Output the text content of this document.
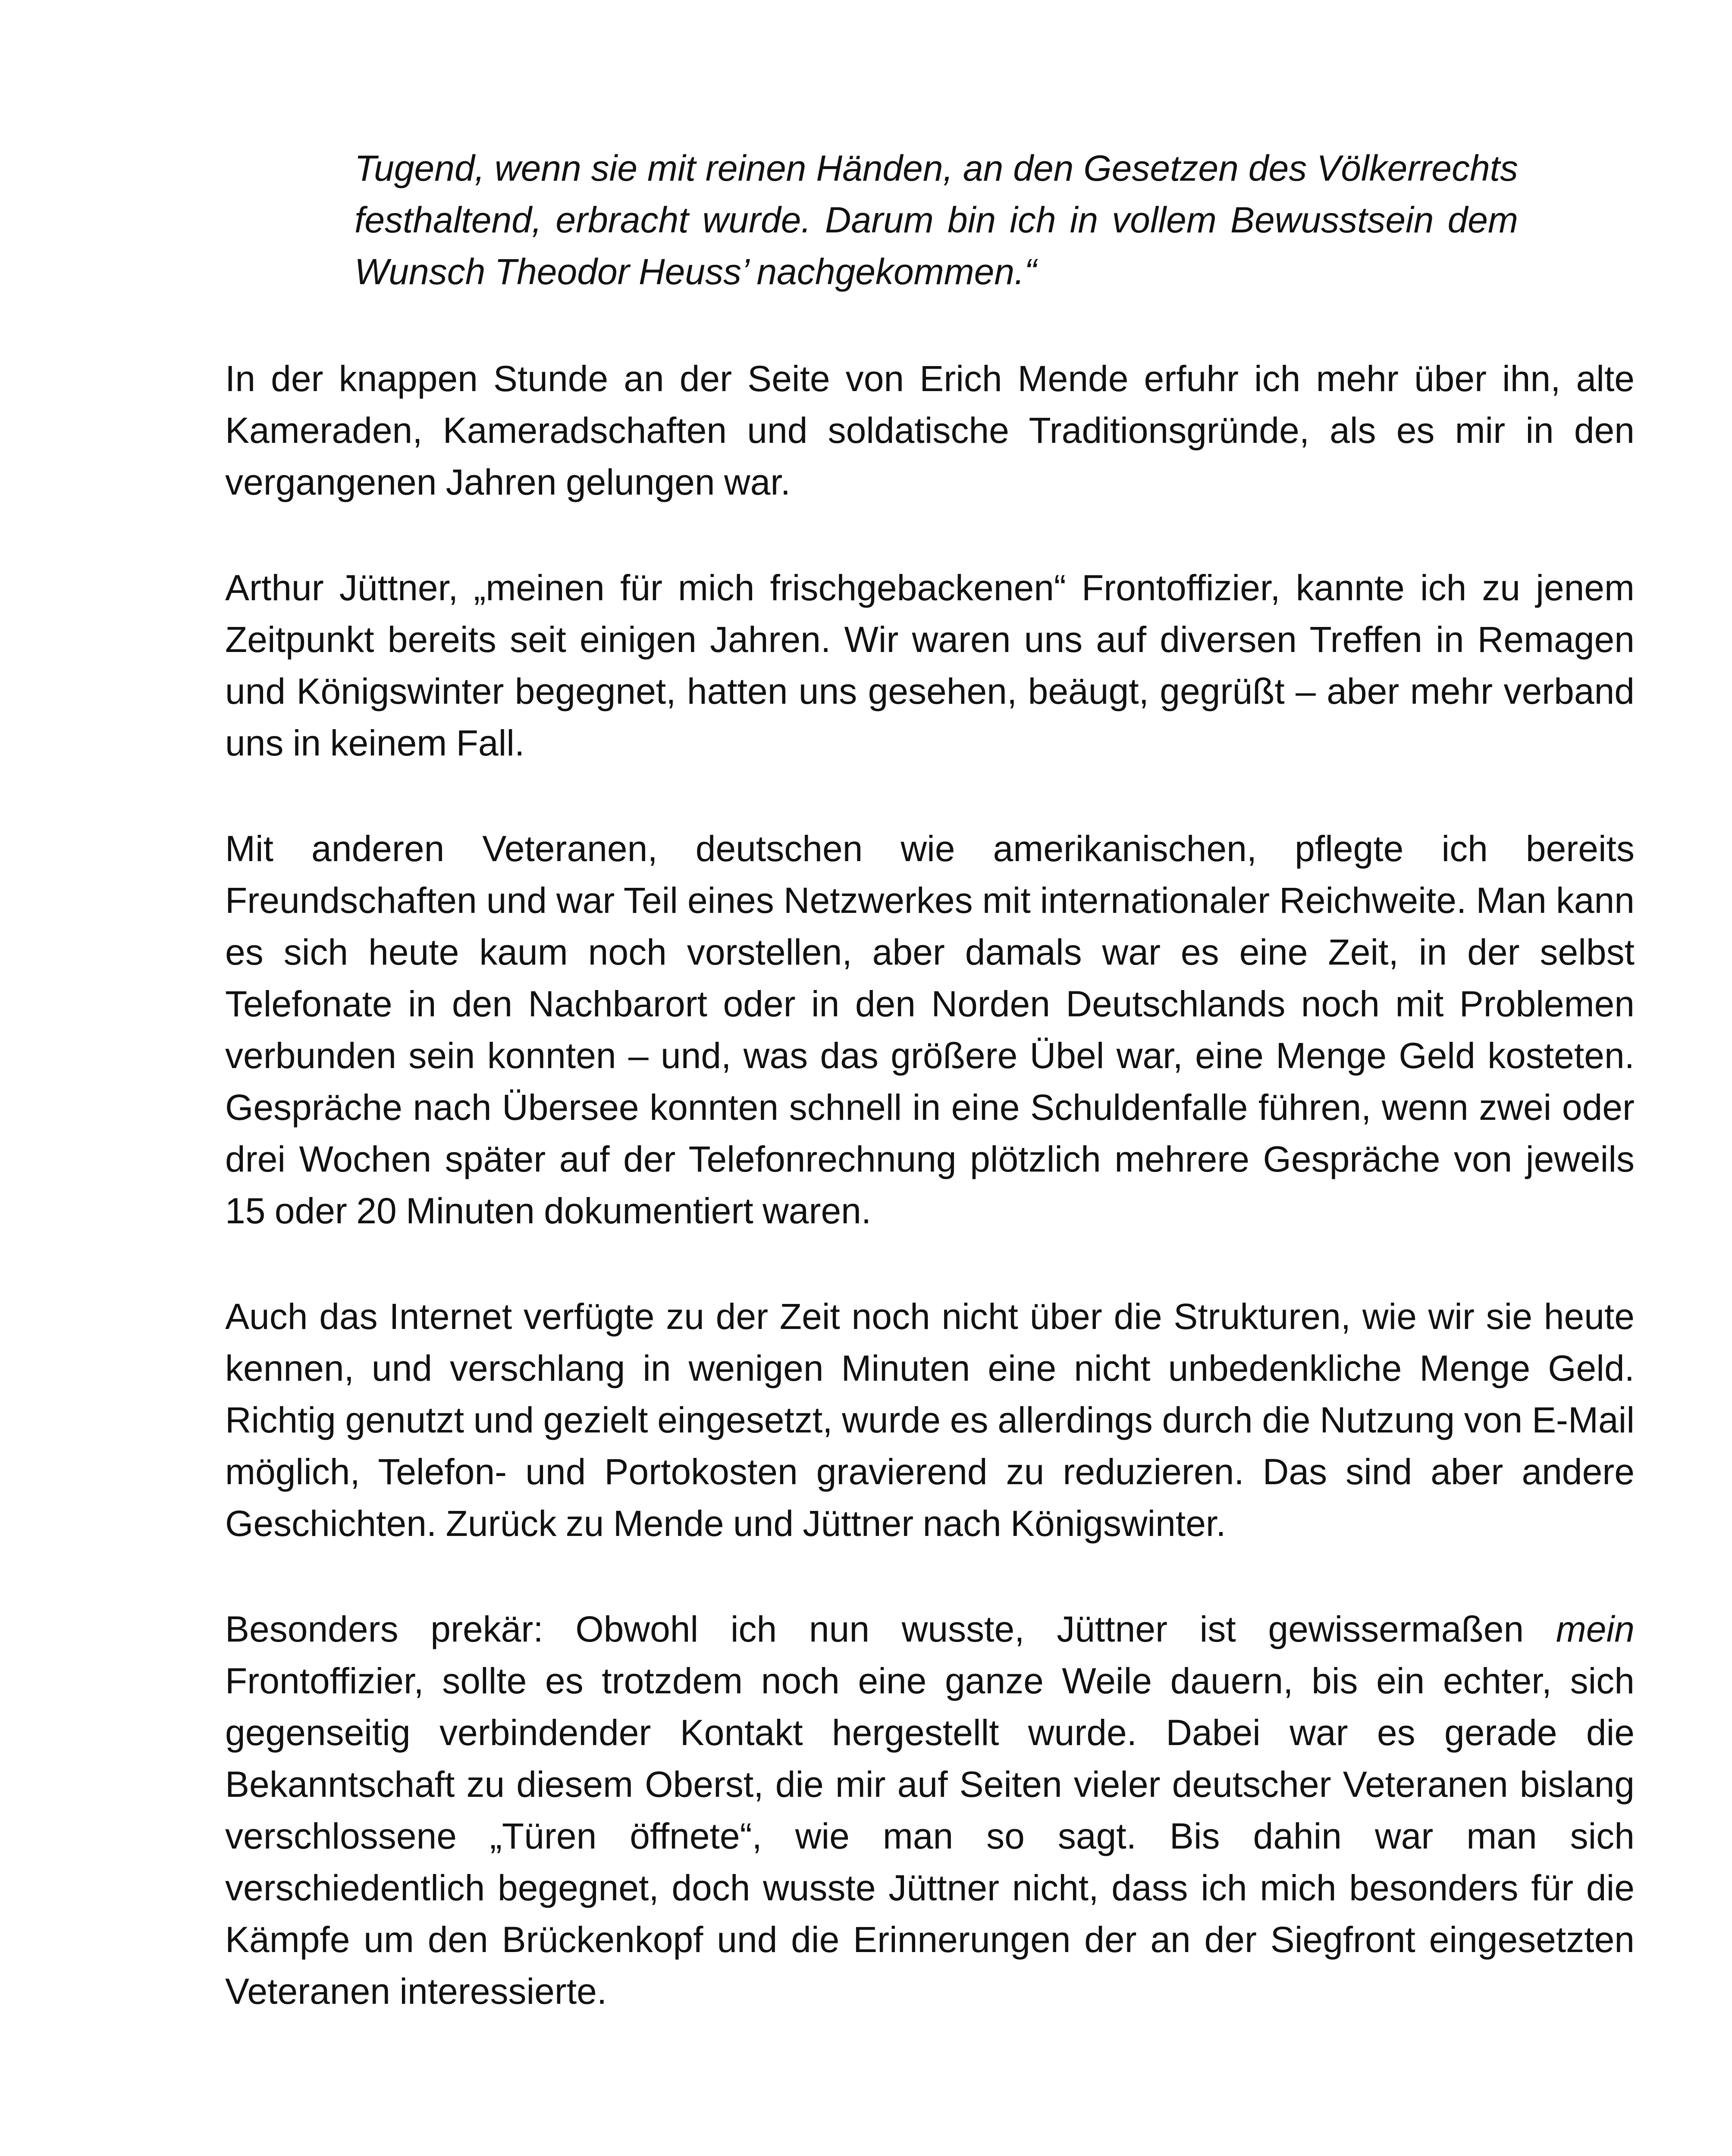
Tugend, wenn sie mit reinen Händen, an den Gesetzen des Völkerrechts festhaltend, erbracht wurde. Darum bin ich in vollem Bewusstsein dem Wunsch Theodor Heuss’ nachgekommen.“

In der knappen Stunde an der Seite von Erich Mende erfuhr ich mehr über ihn, alte Kameraden, Kameradschaften und soldatische Traditionsgründe, als es mir in den vergangenen Jahren gelungen war.

Arthur Jüttner, „meinen für mich frischgebackenen“ Frontoffizier, kannte ich zu jenem Zeitpunkt bereits seit einigen Jahren. Wir waren uns auf diversen Treffen in Remagen und Königswinter begegnet, hatten uns gesehen, beäugt, gegrüßt – aber mehr verband uns in keinem Fall.

Mit anderen Veteranen, deutschen wie amerikanischen, pflegte ich bereits Freundschaften und war Teil eines Netzwerkes mit internationaler Reichweite. Man kann es sich heute kaum noch vorstellen, aber damals war es eine Zeit, in der selbst Telefonate in den Nachbarort oder in den Norden Deutschlands noch mit Problemen verbunden sein konnten – und, was das größere Übel war, eine Menge Geld kosteten. Gespräche nach Übersee konnten schnell in eine Schuldenfalle führen, wenn zwei oder drei Wochen später auf der Telefonrechnung plötzlich mehrere Gespräche von jeweils 15 oder 20 Minuten dokumentiert waren.

Auch das Internet verfügte zu der Zeit noch nicht über die Strukturen, wie wir sie heute kennen, und verschlang in wenigen Minuten eine nicht unbedenkliche Menge Geld. Richtig genutzt und gezielt eingesetzt, wurde es allerdings durch die Nutzung von E-Mail möglich, Telefon- und Portokosten gravierend zu reduzieren. Das sind aber andere Geschichten. Zurück zu Mende und Jüttner nach Königswinter.

Besonders prekär: Obwohl ich nun wusste, Jüttner ist gewissermaßen mein Frontoffizier, sollte es trotzdem noch eine ganze Weile dauern, bis ein echter, sich gegenseitig verbindender Kontakt hergestellt wurde. Dabei war es gerade die Bekanntschaft zu diesem Oberst, die mir auf Seiten vieler deutscher Veteranen bislang verschlossene „Türen öffnete“, wie man so sagt. Bis dahin war man sich verschiedentlich begegnet, doch wusste Jüttner nicht, dass ich mich besonders für die Kämpfe um den Brückenkopf und die Erinnerungen der an der Siegfront eingesetzten Veteranen interessierte.
